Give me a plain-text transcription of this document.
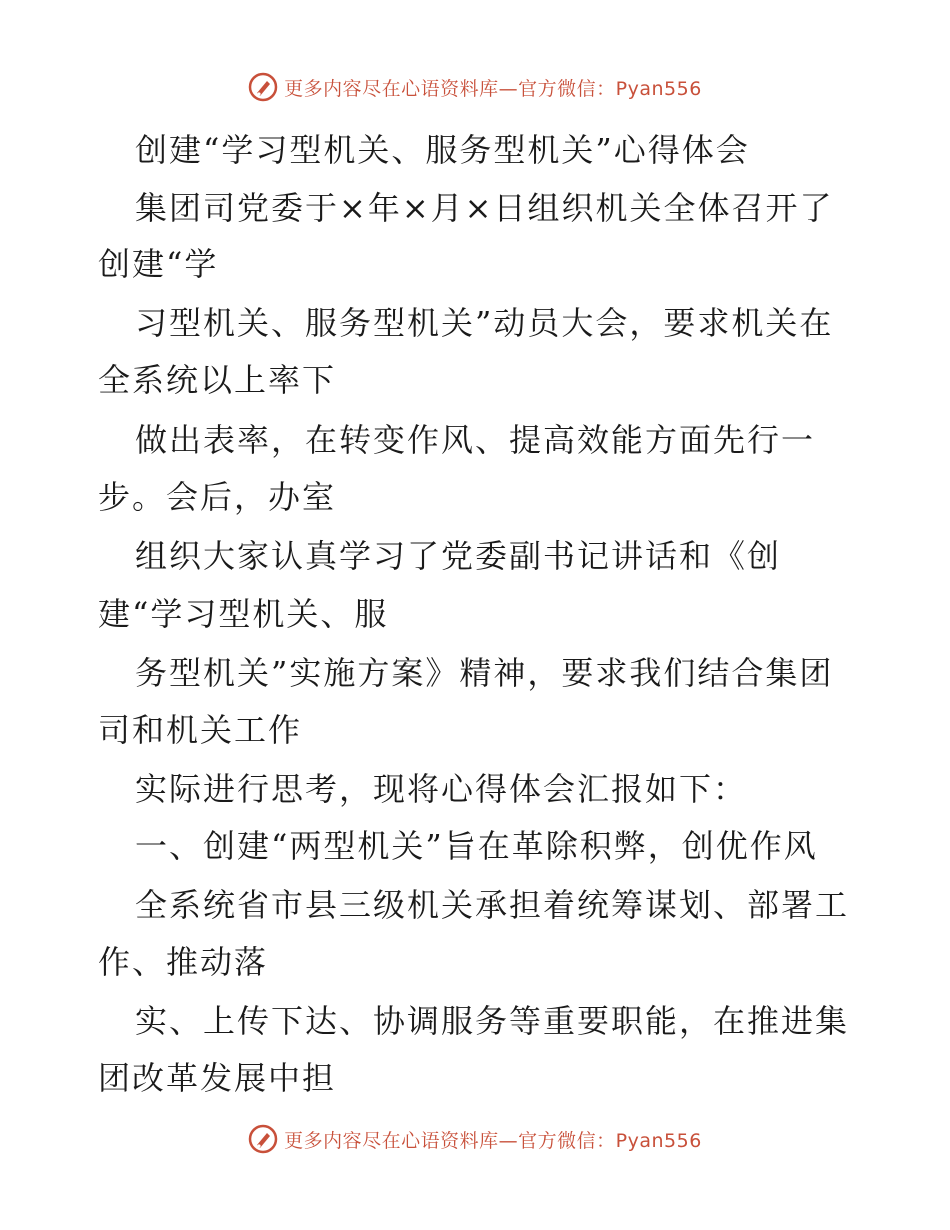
更多内容尽在心语资料库—官方微信：Pyan556
创建“学习型机关、服务型机关”心得体会
集团司党委于×年×月×日组织机关全体召开了
创建“学
习型机关、服务型机关”动员大会，要求机关在
全系统以上率下
做出表率，在转变作风、提高效能方面先行一
步。会后，办室
组织大家认真学习了党委副书记讲话和《创
建“学习型机关、服
务型机关”实施方案》精神，要求我们结合集团
司和机关工作
实际进行思考，现将心得体会汇报如下：
一、创建“两型机关”旨在革除积弊，创优作风
全系统省市县三级机关承担着统筹谋划、部署工
作、推动落
实、上传下达、协调服务等重要职能，在推进集
团改革发展中担
更多内容尽在心语资料库—官方微信：Pyan556
